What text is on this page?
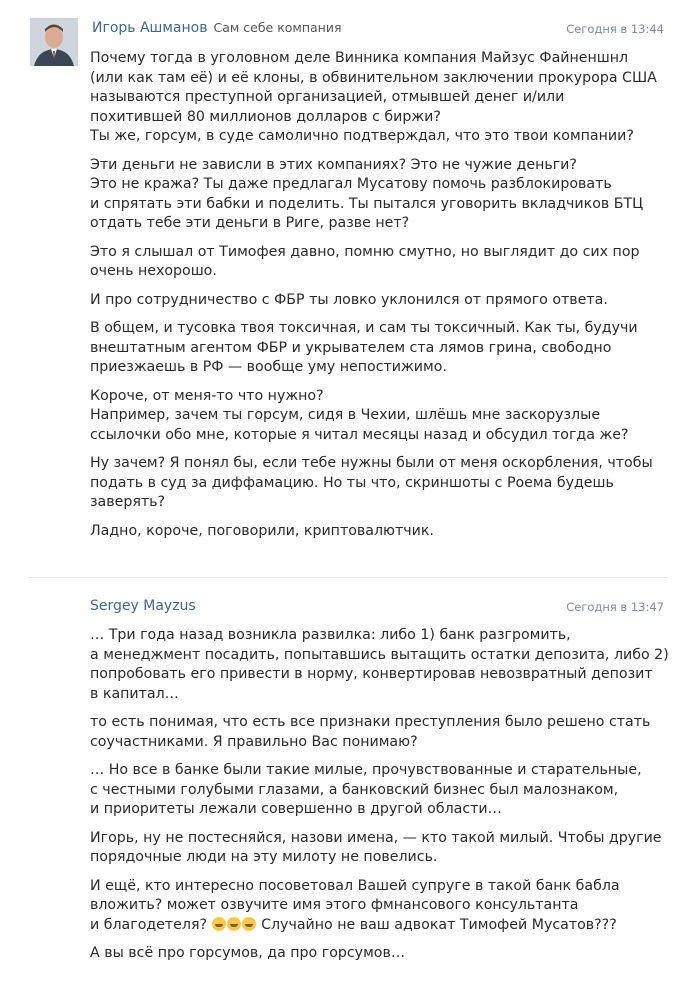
Игорь Ашманов Сам себе компания	Сегодня в 13:44
Почему тогда в уголовном деле Винника компания Майзус Файненшнл
(или как там её) и её клоны, в обвинительном заключении прокурора США
называются преступной организацией, отмывшей денег и/или
похитившей 80 миллионов долларов с биржи?
Ты же, горсум, в суде самолично подтверждал, что это твои компании?
Эти деньги не зависли в этих компаниях? Это не чужие деньги?
Это не кража? Ты даже предлагал Мусатову помочь разблокировать
и спрятать эти бабки и поделить. Ты пытался уговорить вкладчиков БТЦ
отдать тебе эти деньги в Риге, разве нет?
Это я слышал от Тимофея давно, помню смутно, но выглядит до сих пор
очень нехорошо.
И про сотрудничество с ФБР ты ловко уклонился от прямого ответа.
В общем, и тусовка твоя токсичная, и сам ты токсичный. Как ты, будучи
внештатным агентом ФБР и укрывателем ста лямов грина, свободно
приезжаешь в РФ — вообще уму непостижимо.
Короче, от меня-то что нужно?
Например, зачем ты горсум, сидя в Чехии, шлёшь мне заскорузлые
ссылочки обо мне, которые я читал месяцы назад и обсудил тогда же?
Ну зачем? Я понял бы, если тебе нужны были от меня оскорбления, чтобы
подать в суд за диффамацию. Но ты что, скриншоты с Роема будешь
заверять?
Ладно, короче, поговорили, криптовалютчик.
Sergey Mayzus	Сегодня в 13:47
… Три года назад возникла развилка: либо 1) банк разгромить,
а менеджмент посадить, попытавшись вытащить остатки депозита, либо 2)
попробовать его привести в норму, конвертировав невозвратный депозит
в капитал…
то есть понимая, что есть все признаки преступления было решено стать
соучастниками. Я правильно Вас понимаю?
… Но все в банке были такие милые, прочувствованные и старательные,
с честными голубыми глазами, а банковский бизнес был малознаком,
и приоритеты лежали совершенно в другой области…
Игорь, ну не постесняйся, назови имена, — кто такой милый. Чтобы другие
порядочные люди на эту милоту не повелись.
И ещё, кто интересно посоветовал Вашей супруге в такой банк бабла
вложить? может озвучите имя этого фмнансового консультанта
и благодетеля?	Случайно не ваш адвокат Тимофей Мусатов???
А вы всё про горсумов, да про горсумов…
